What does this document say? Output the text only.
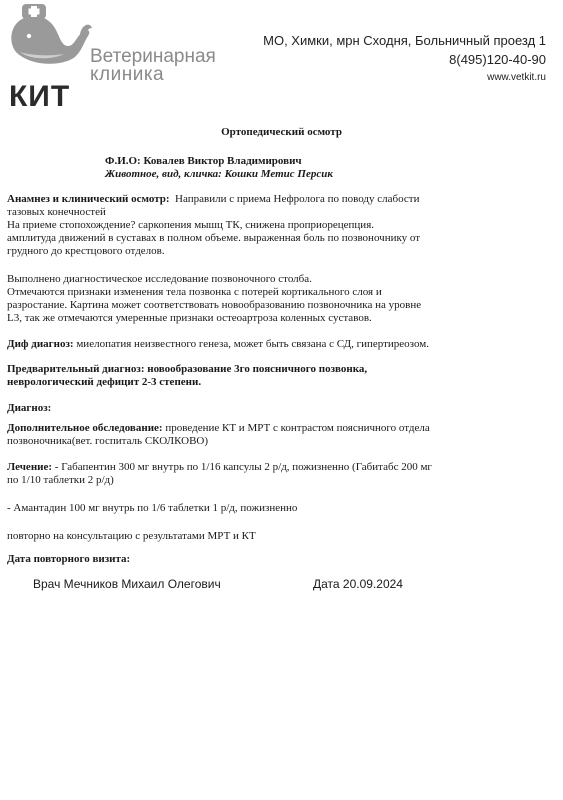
КИТ
Ветеринарная
клиника
МО, Химки, мрн Сходня, Больничный проезд 1
8(495)120-40-90
www.vetkit.ru
Ортопедический осмотр
Ф.И.О: Ковалев Виктор Владимирович
Животное, вид, кличка: Кошки Метис Персик

Анамнез и клинический осмотр: Направили с приема Нефролога по поводу слабости

тазовых конечностей

На приеме стопохождение? саркопения мышц ТК, снижена проприорецепция.

амплитуда движений в суставах в полном объеме. выраженная боль по позвоночнику от

грудного до крестцового отделов.

Выполнено диагностическое исследование позвоночного столба.

Отмечаются признаки изменения тела позвонка с потерей кортикального слоя и

разростание. Картина может соответствовать новообразованию позвоночника на уровне

L3, так же отмечаются умеренные признаки остеоартроза коленных суставов.

Диф диагноз: миелопатия неизвестного генеза, может быть связана с СД, гипертиреозом.

Предварительный диагноз: новообразование 3го поясничного позвонка,

неврологический дефицит 2-3 степени.

Диагноз:

Дополнительное обследование: проведение КТ и МРТ с контрастом поясничного отдела

позвоночника(вет. госпиталь СКОЛКОВО)

Лечение: - Габапентин 300 мг внутрь по 1/16 капсулы 2 р/д, пожизненно (Габитабс 200 мг

по 1/10 таблетки 2 р/д)

- Амантадин 100 мг внутрь по 1/6 таблетки 1 р/д, пожизненно
повторно на консультацию с результатами МРТ и КТ
Дата повторного визита:
Врач Мечников Михаил Олегович	Дата 20.09.2024
